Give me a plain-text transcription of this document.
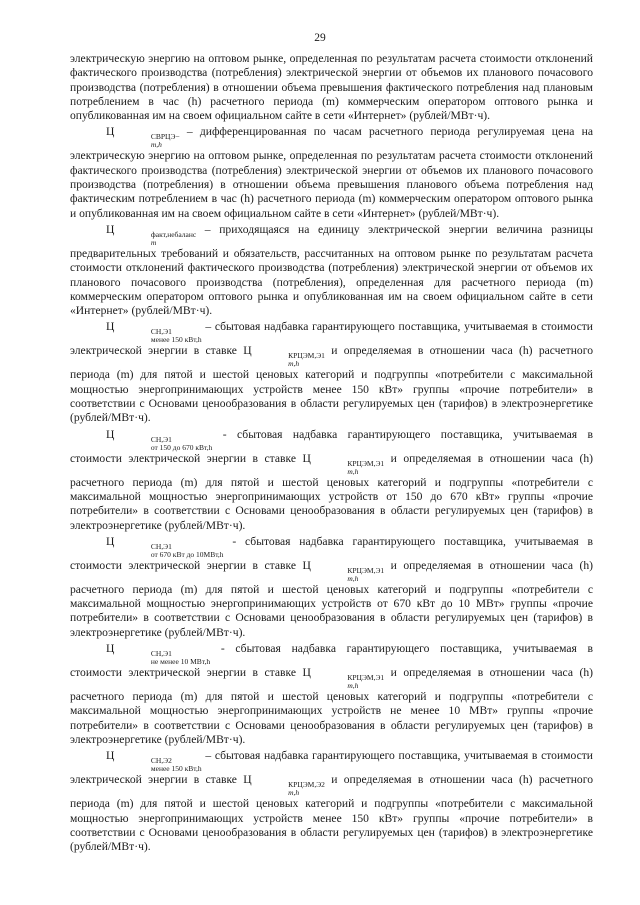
29

электрическую энергию на оптовом рынке, определенная по результатам расчета стоимости отклонений фактического производства (потребления) электрической энергии от объемов их планового почасового производства (потребления) в отношении объема превышения фактического потребления над плановым потреблением в час (h) расчетного периода (m) коммерческим оператором оптового рынка и опубликованная им на своем официальном сайте в сети «Интернет» (рублей/МВт·ч).

Ц	СВРЦЭ−
m,h
– дифференцированная по часам расчетного периода регулируемая цена на электрическую энергию на оптовом рынке, определенная по результатам расчета стоимости отклонений фактического производства (потребления) электрической энергии от объемов их планового почасового производства (потребления) в отношении объема превышения планового объема потребления над фактическим потреблением в час (h) расчетного периода (m) коммерческим оператором оптового рынка и опубликованная им на своем официальном сайте в сети «Интернет» (рублей/МВт·ч).

Ц	факт,небаланс
m
– приходящаяся на единицу электрической энергии величина разницы предварительных требований и обязательств, рассчитанных на оптовом рынке по результатам расчета стоимости отклонений фактического производства (потребления) электрической энергии от объемов их планового почасового производства (потребления), определенная для расчетного периода (m) коммерческим оператором оптового рынка и опубликованная им на своем официальном сайте в сети «Интернет» (рублей/МВт·ч).

Ц	СН,Э1
менее 150 кВт,h
– сбытовая надбавка гарантирующего поставщика, учитываемая в стоимости электрической энергии в ставке Ц	КРЦЭМ,Э1
m,h
и определяемая в отношении часа (h) расчетного периода (m) для пятой и шестой ценовых категорий и подгруппы «потребители с максимальной мощностью энергопринимающих устройств менее 150 кВт» группы «прочие потребители» в соответствии с Основами ценообразования в области регулируемых цен (тарифов) в электроэнергетике (рублей/МВт·ч).

Ц	СН,Э1
от 150 до 670 кВт,h
- сбытовая надбавка гарантирующего поставщика, учитываемая в стоимости электрической энергии в ставке Ц	КРЦЭМ,Э1
m,h
и определяемая в отношении часа (h) расчетного периода (m) для пятой и шестой ценовых категорий и подгруппы «потребители с максимальной мощностью энергопринимающих устройств от 150 до 670 кВт» группы «прочие потребители» в соответствии с Основами ценообразования в области регулируемых цен (тарифов) в электроэнергетике (рублей/МВт·ч).

Ц	СН,Э1
от 670 кВт до 10МВт,h
- сбытовая надбавка гарантирующего поставщика, учитываемая в стоимости электрической энергии в ставке Ц	КРЦЭМ,Э1
m,h
и определяемая в отношении часа (h) расчетного периода (m) для пятой и шестой ценовых категорий и подгруппы «потребители с максимальной мощностью энергопринимающих устройств от 670 кВт до 10 МВт» группы «прочие потребители» в соответствии с Основами ценообразования в области регулируемых цен (тарифов) в электроэнергетике (рублей/МВт·ч).

Ц	СН,Э1
не менее 10 МВт,h
- сбытовая надбавка гарантирующего поставщика, учитываемая в стоимости электрической энергии в ставке Ц	КРЦЭМ,Э1
m,h
и определяемая в отношении часа (h) расчетного периода (m) для пятой и шестой ценовых категорий и подгруппы «потребители с максимальной мощностью энергопринимающих устройств не менее 10 МВт» группы «прочие потребители» в соответствии с Основами ценообразования в области регулируемых цен (тарифов) в электроэнергетике (рублей/МВт·ч).

Ц	СН,Э2
менее 150 кВт,h
– сбытовая надбавка гарантирующего поставщика, учитываемая в стоимости электрической энергии в ставке Ц	КРЦЭМ,Э2
m,h
и определяемая в отношении часа (h) расчетного периода (m) для пятой и шестой ценовых категорий и подгруппы «потребители с максимальной мощностью энергопринимающих устройств менее 150 кВт» группы «прочие потребители» в соответствии с Основами ценообразования в области регулируемых цен (тарифов) в электроэнергетике (рублей/МВт·ч).
